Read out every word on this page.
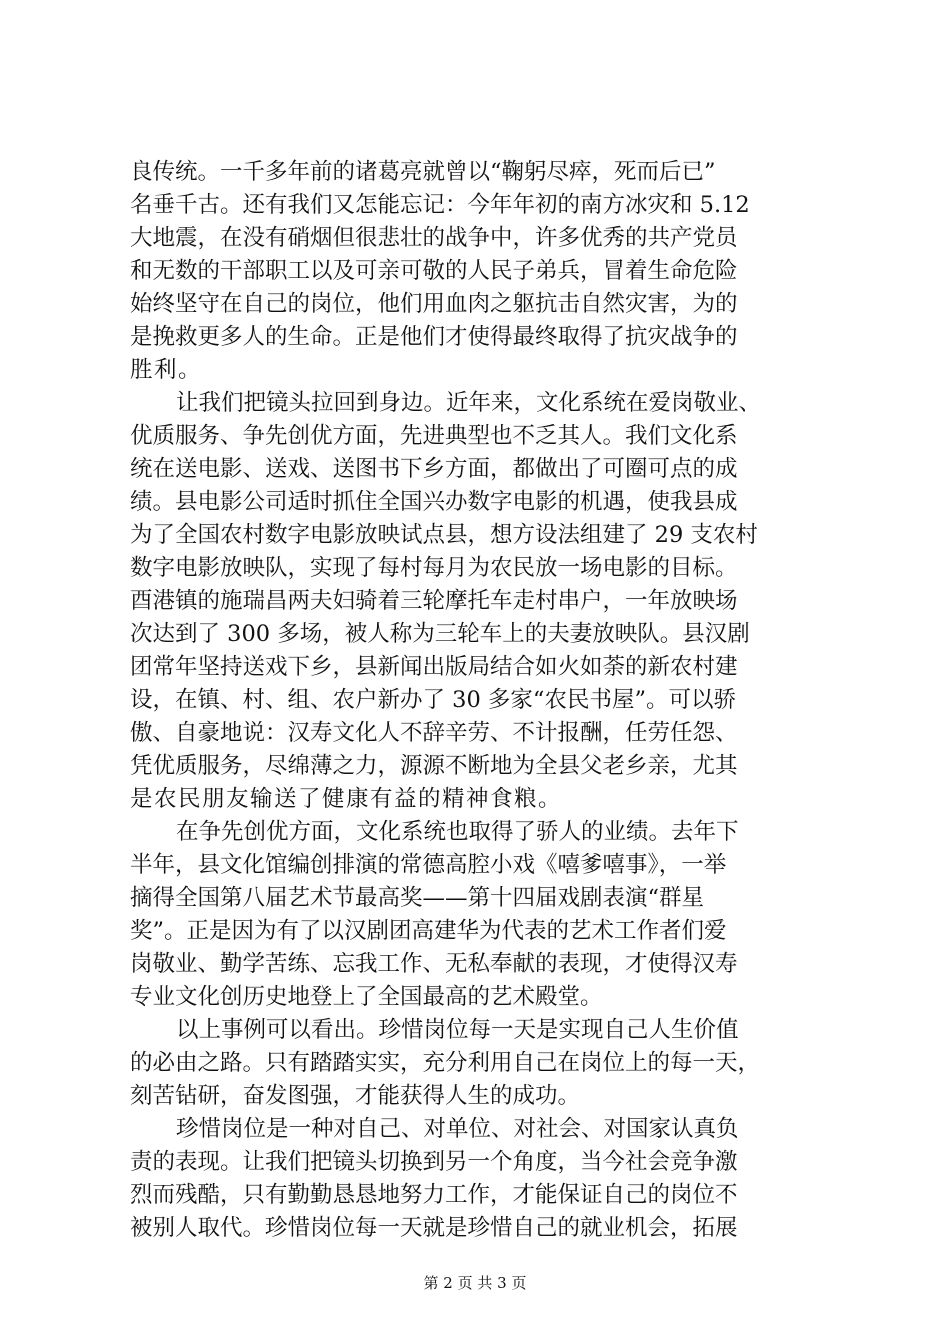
良传统。一千多年前的诸葛亮就曾以“鞠躬尽瘁，死而后已”
名垂千古。还有我们又怎能忘记：今年年初的南方冰灾和 5.12
大地震，在没有硝烟但很悲壮的战争中，许多优秀的共产党员
和无数的干部职工以及可亲可敬的人民子弟兵，冒着生命危险
始终坚守在自己的岗位，他们用血肉之躯抗击自然灾害，为的
是挽救更多人的生命。正是他们才使得最终取得了抗灾战争的
胜利。
让我们把镜头拉回到身边。近年来，文化系统在爱岗敬业、
优质服务、争先创优方面，先进典型也不乏其人。我们文化系
统在送电影、送戏、送图书下乡方面，都做出了可圈可点的成
绩。县电影公司适时抓住全国兴办数字电影的机遇，使我县成
为了全国农村数字电影放映试点县，想方设法组建了 29 支农村
数字电影放映队，实现了每村每月为农民放一场电影的目标。
酉港镇的施瑞昌两夫妇骑着三轮摩托车走村串户，一年放映场
次达到了 300 多场，被人称为三轮车上的夫妻放映队。县汉剧
团常年坚持送戏下乡，县新闻出版局结合如火如荼的新农村建
设，在镇、村、组、农户新办了 30 多家“农民书屋”。可以骄
傲、自豪地说：汉寿文化人不辞辛劳、不计报酬，任劳任怨、
凭优质服务，尽绵薄之力，源源不断地为全县父老乡亲，尤其
是农民朋友输送了健康有益的精神食粮。
在争先创优方面，文化系统也取得了骄人的业绩。去年下
半年，县文化馆编创排演的常德高腔小戏《嘻爹嘻事》，一举
摘得全国第八届艺术节最高奖——第十四届戏剧表演“群星
奖”。正是因为有了以汉剧团高建华为代表的艺术工作者们爱
岗敬业、勤学苦练、忘我工作、无私奉献的表现，才使得汉寿
专业文化创历史地登上了全国最高的艺术殿堂。
以上事例可以看出。珍惜岗位每一天是实现自己人生价值
的必由之路。只有踏踏实实，充分利用自己在岗位上的每一天，
刻苦钻研，奋发图强，才能获得人生的成功。
珍惜岗位是一种对自己、对单位、对社会、对国家认真负
责的表现。让我们把镜头切换到另一个角度，当今社会竞争激
烈而残酷，只有勤勤恳恳地努力工作，才能保证自己的岗位不
被别人取代。珍惜岗位每一天就是珍惜自己的就业机会，拓展
第 2 页 共 3 页
